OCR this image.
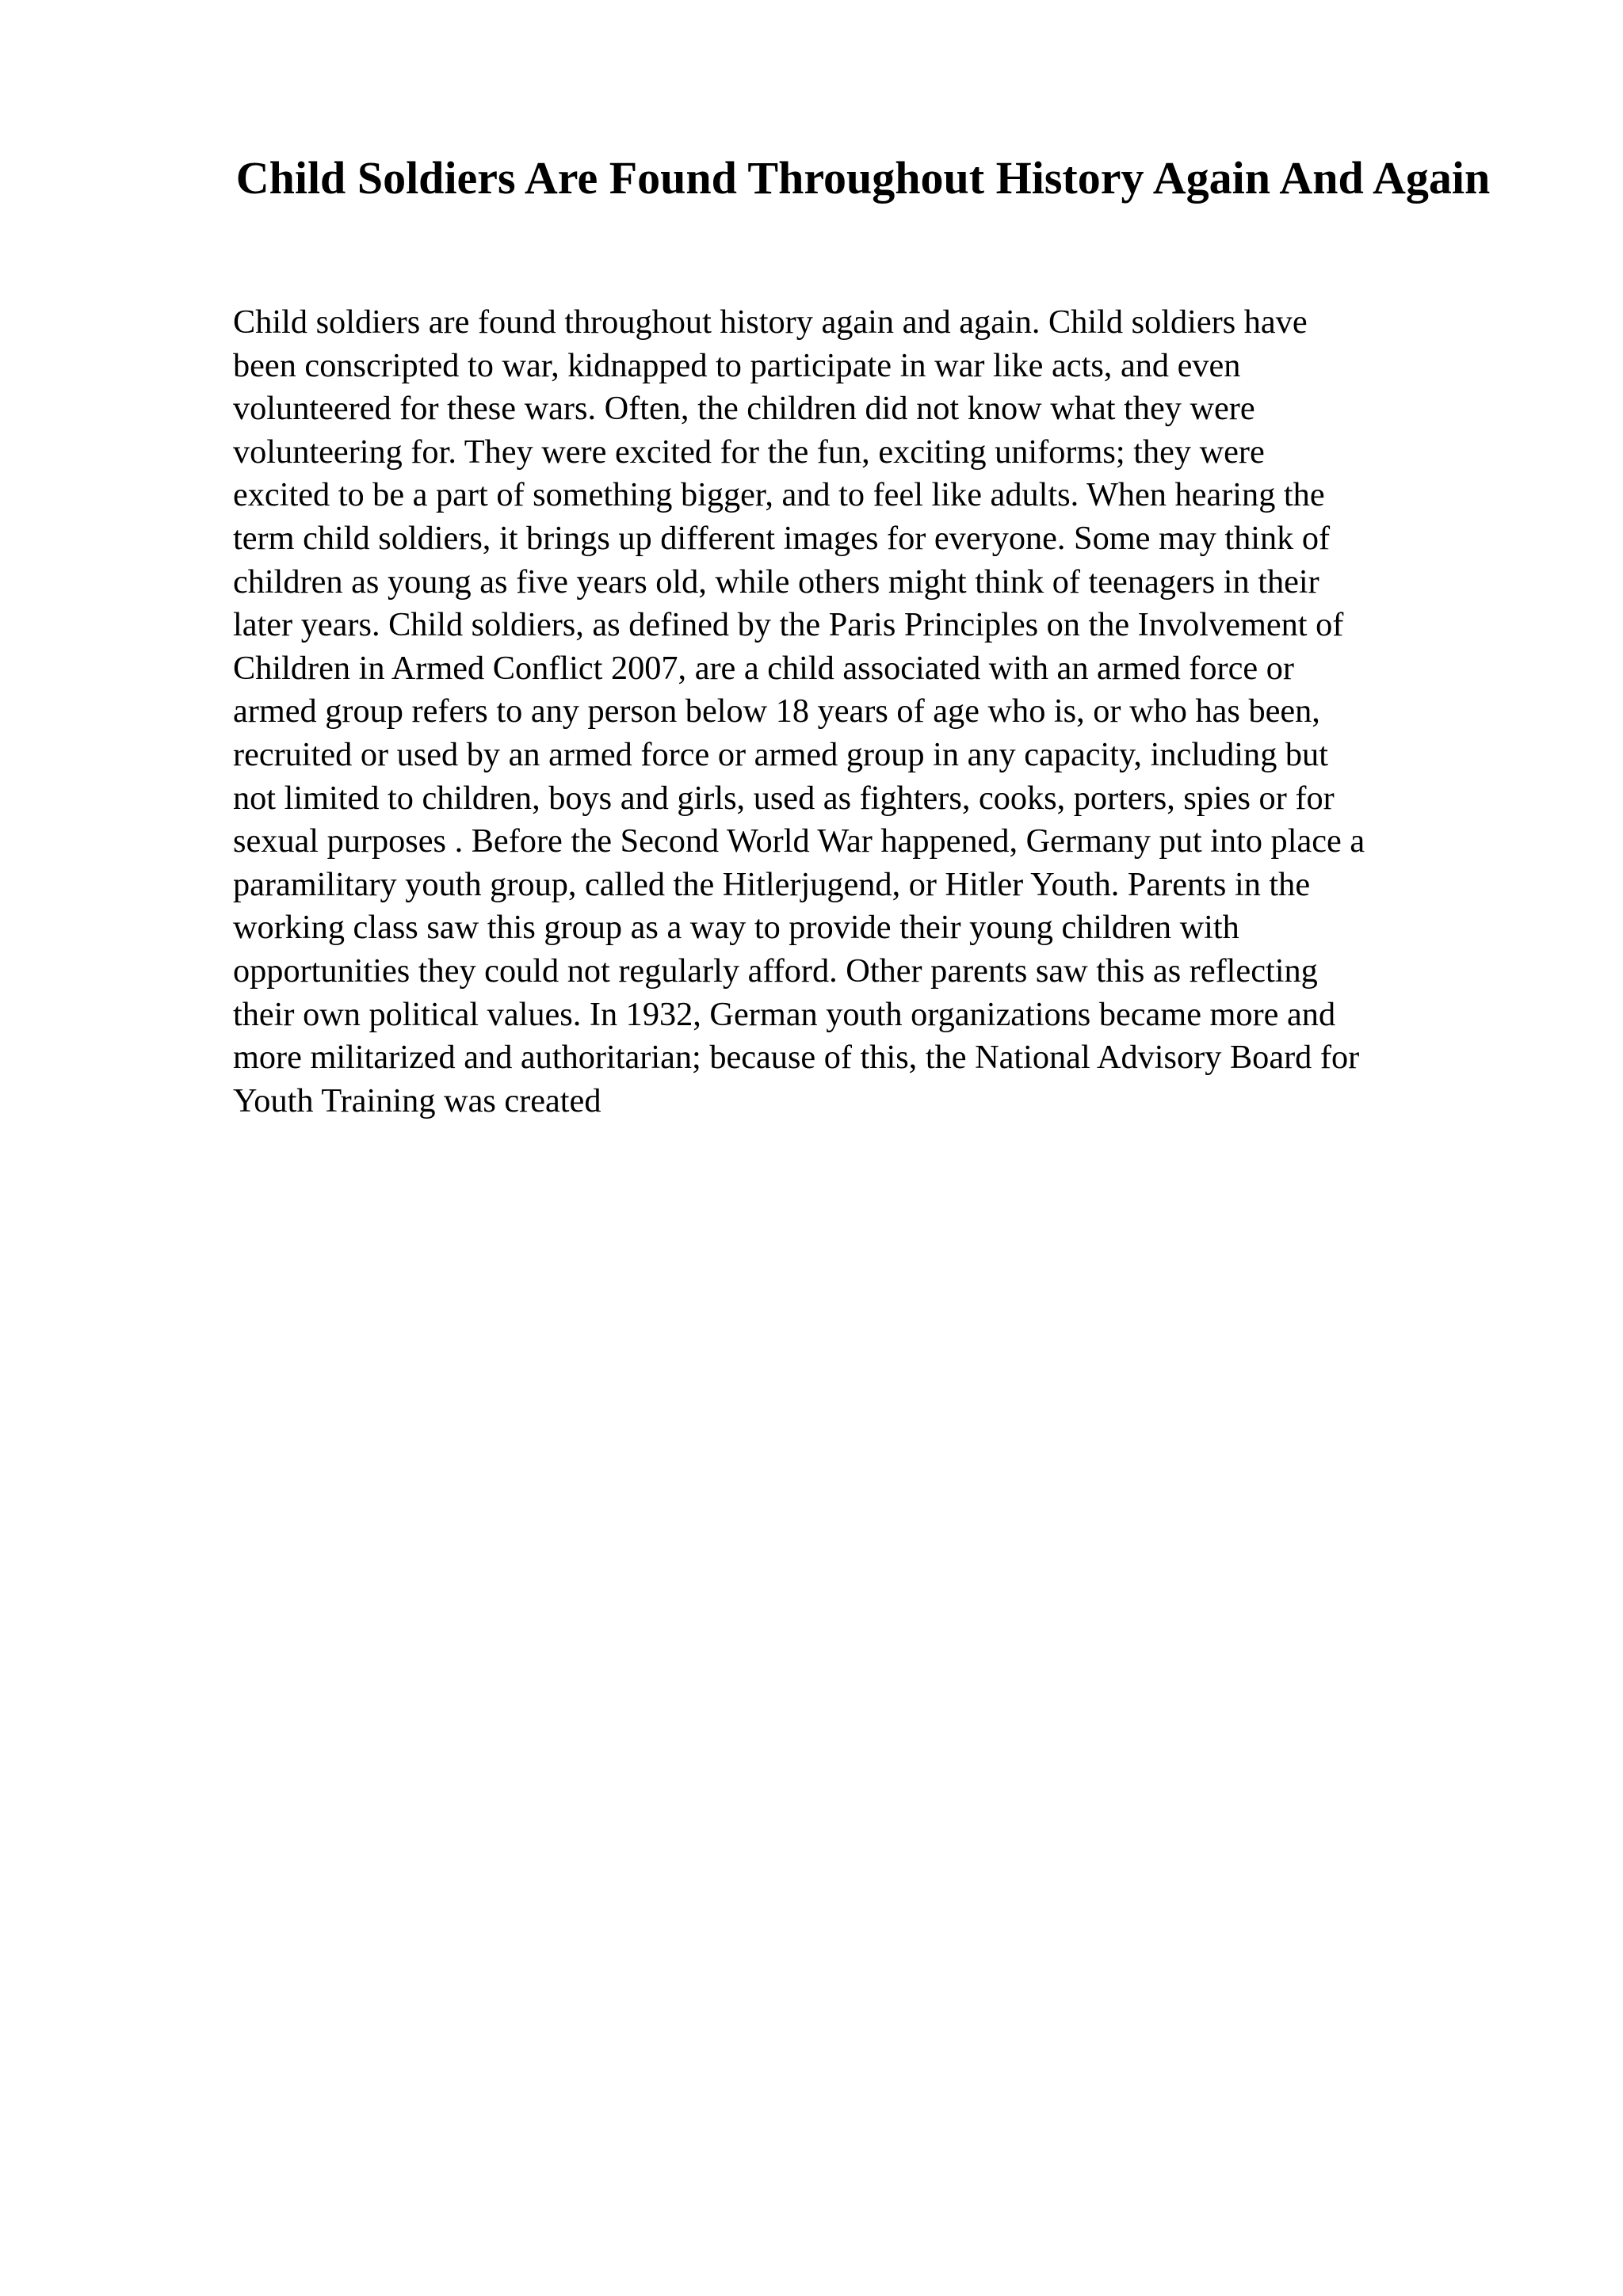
Child Soldiers Are Found Throughout History Again And Again
Child soldiers are found throughout history again and again. Child soldiers have
been conscripted to war, kidnapped to participate in war like acts, and even
volunteered for these wars. Often, the children did not know what they were
volunteering for. They were excited for the fun, exciting uniforms; they were
excited to be a part of something bigger, and to feel like adults. When hearing the
term child soldiers, it brings up different images for everyone. Some may think of
children as young as five years old, while others might think of teenagers in their
later years. Child soldiers, as defined by the Paris Principles on the Involvement of
Children in Armed Conflict 2007, are a child associated with an armed force or
armed group refers to any person below 18 years of age who is, or who has been,
recruited or used by an armed force or armed group in any capacity, including but
not limited to children, boys and girls, used as fighters, cooks, porters, spies or for
sexual purposes . Before the Second World War happened, Germany put into place a
paramilitary youth group, called the Hitlerjugend, or Hitler Youth. Parents in the
working class saw this group as a way to provide their young children with
opportunities they could not regularly afford. Other parents saw this as reflecting
their own political values. In 1932, German youth organizations became more and
more militarized and authoritarian; because of this, the National Advisory Board for
Youth Training was created
